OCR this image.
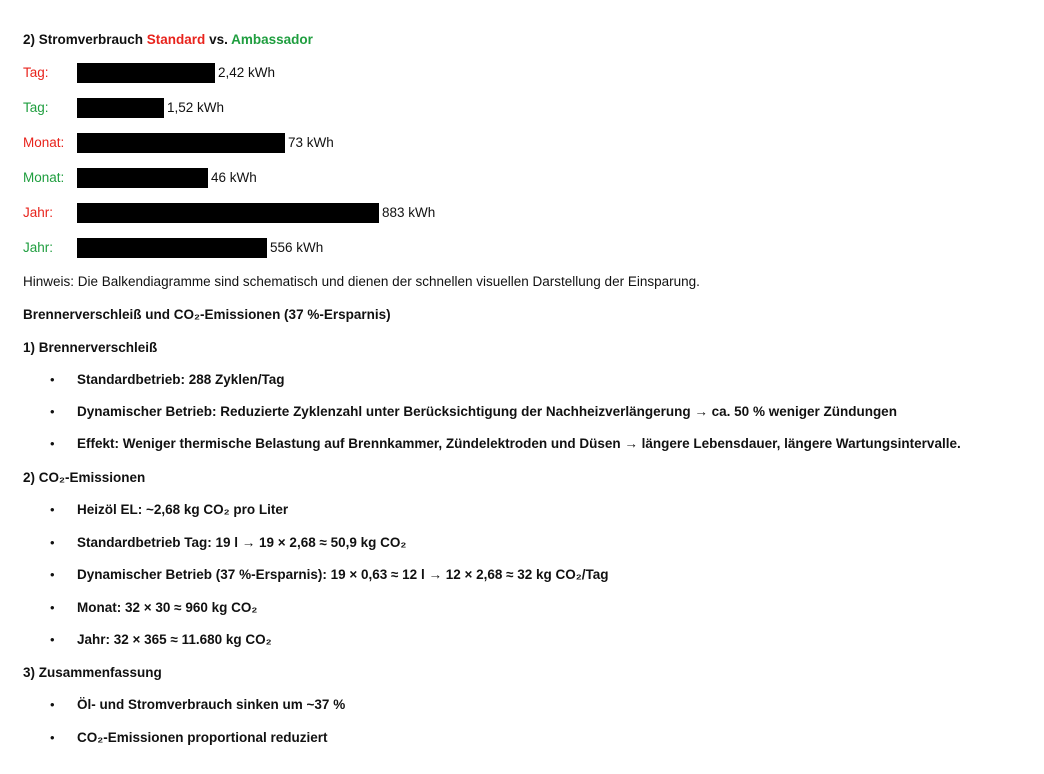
2) Stromverbrauch Standard vs. Ambassador
Tag:	2,42 kWh
Tag:	1,52 kWh
Monat:	73 kWh
Monat:	46 kWh
Jahr:	883 kWh
Jahr:	556 kWh
Hinweis: Die Balkendiagramme sind schematisch und dienen der schnellen visuellen Darstellung der Einsparung.
Brennerverschleiß und CO₂-Emissionen (37 %-Ersparnis)
1) Brennerverschleiß
• Standardbetrieb: 288 Zyklen/Tag
• Dynamischer Betrieb: Reduzierte Zyklenzahl unter Berücksichtigung der Nachheizverlängerung → ca. 50 % weniger Zündungen
• Effekt: Weniger thermische Belastung auf Brennkammer, Zündelektroden und Düsen → längere Lebensdauer, längere Wartungsintervalle.
2) CO₂-Emissionen
• Heizöl EL: ~2,68 kg CO₂ pro Liter
• Standardbetrieb Tag: 19 l → 19 × 2,68 ≈ 50,9 kg CO₂
• Dynamischer Betrieb (37 %-Ersparnis): 19 × 0,63 ≈ 12 l → 12 × 2,68 ≈ 32 kg CO₂/Tag
• Monat: 32 × 30 ≈ 960 kg CO₂
• Jahr: 32 × 365 ≈ 11.680 kg CO₂
3) Zusammenfassung
• Öl- und Stromverbrauch sinken um ~37 %
• CO₂-Emissionen proportional reduziert
